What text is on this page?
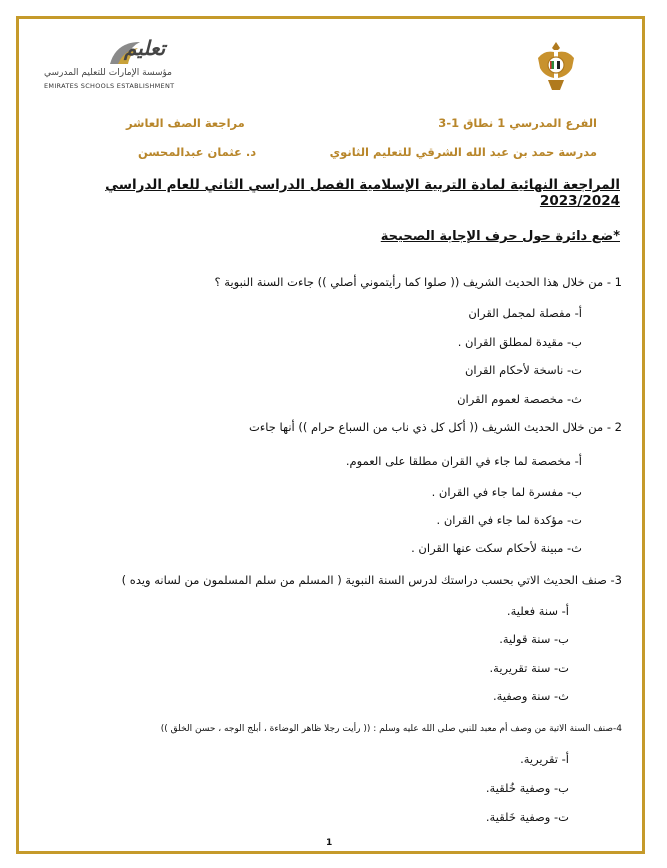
تعليم
مؤسسة الإمارات للتعليم المدرسي
EMIRATES SCHOOLS ESTABLISHMENT
الفرع المدرسي 1 نطاق 1-3
مراجعة الصف العاشر
مدرسة حمد بن عبد الله الشرقي للتعليم الثانوي
د. عثمان عبدالمحسن
المراجعة النهائية لمادة التربية الإسلامية الفصل الدراسي الثاني للعام الدراسي 2023/2024
*ضع دائرة حول حرف الإجابة الصحيحة
1 - من خلال هذا الحديث الشريف (( صلوا كما رأيتموني أصلي )) جاءت السنة النبوية ؟
أ- مفصلة لمجمل القران
ب- مقيدة لمطلق القران .
ت- ناسخة لأحكام القران
ث- مخصصة لعموم القران
2 - من خلال الحديث الشريف (( أكل كل ذي ناب من السباع حرام )) أنها جاءت
أ- مخصصة لما جاء في القران مطلقا على العموم.
ب- مفسرة لما جاء في القران .
ت- مؤكدة لما جاء في القران .
ث- مبينة لأحكام سكت عنها القران .
3- صنف الحديث الاتي بحسب دراستك لدرس السنة النبوية ( المسلم من سلم المسلمون من لسانه ويده )
أ- سنة فعلية.
ب- سنة قولية.
ت- سنة تقريرية.
ث- سنة وصفية.
4-صنف السنة الاتية من وصف أم معبد للنبي صلى الله عليه وسلم : (( رأيت رجلا ظاهر الوضاءة ، أبلج الوجه ، حسن الخلق ))
أ- تقريرية.
ب- وصفية خُلقية.
ت- وصفية خَلقية.
1
